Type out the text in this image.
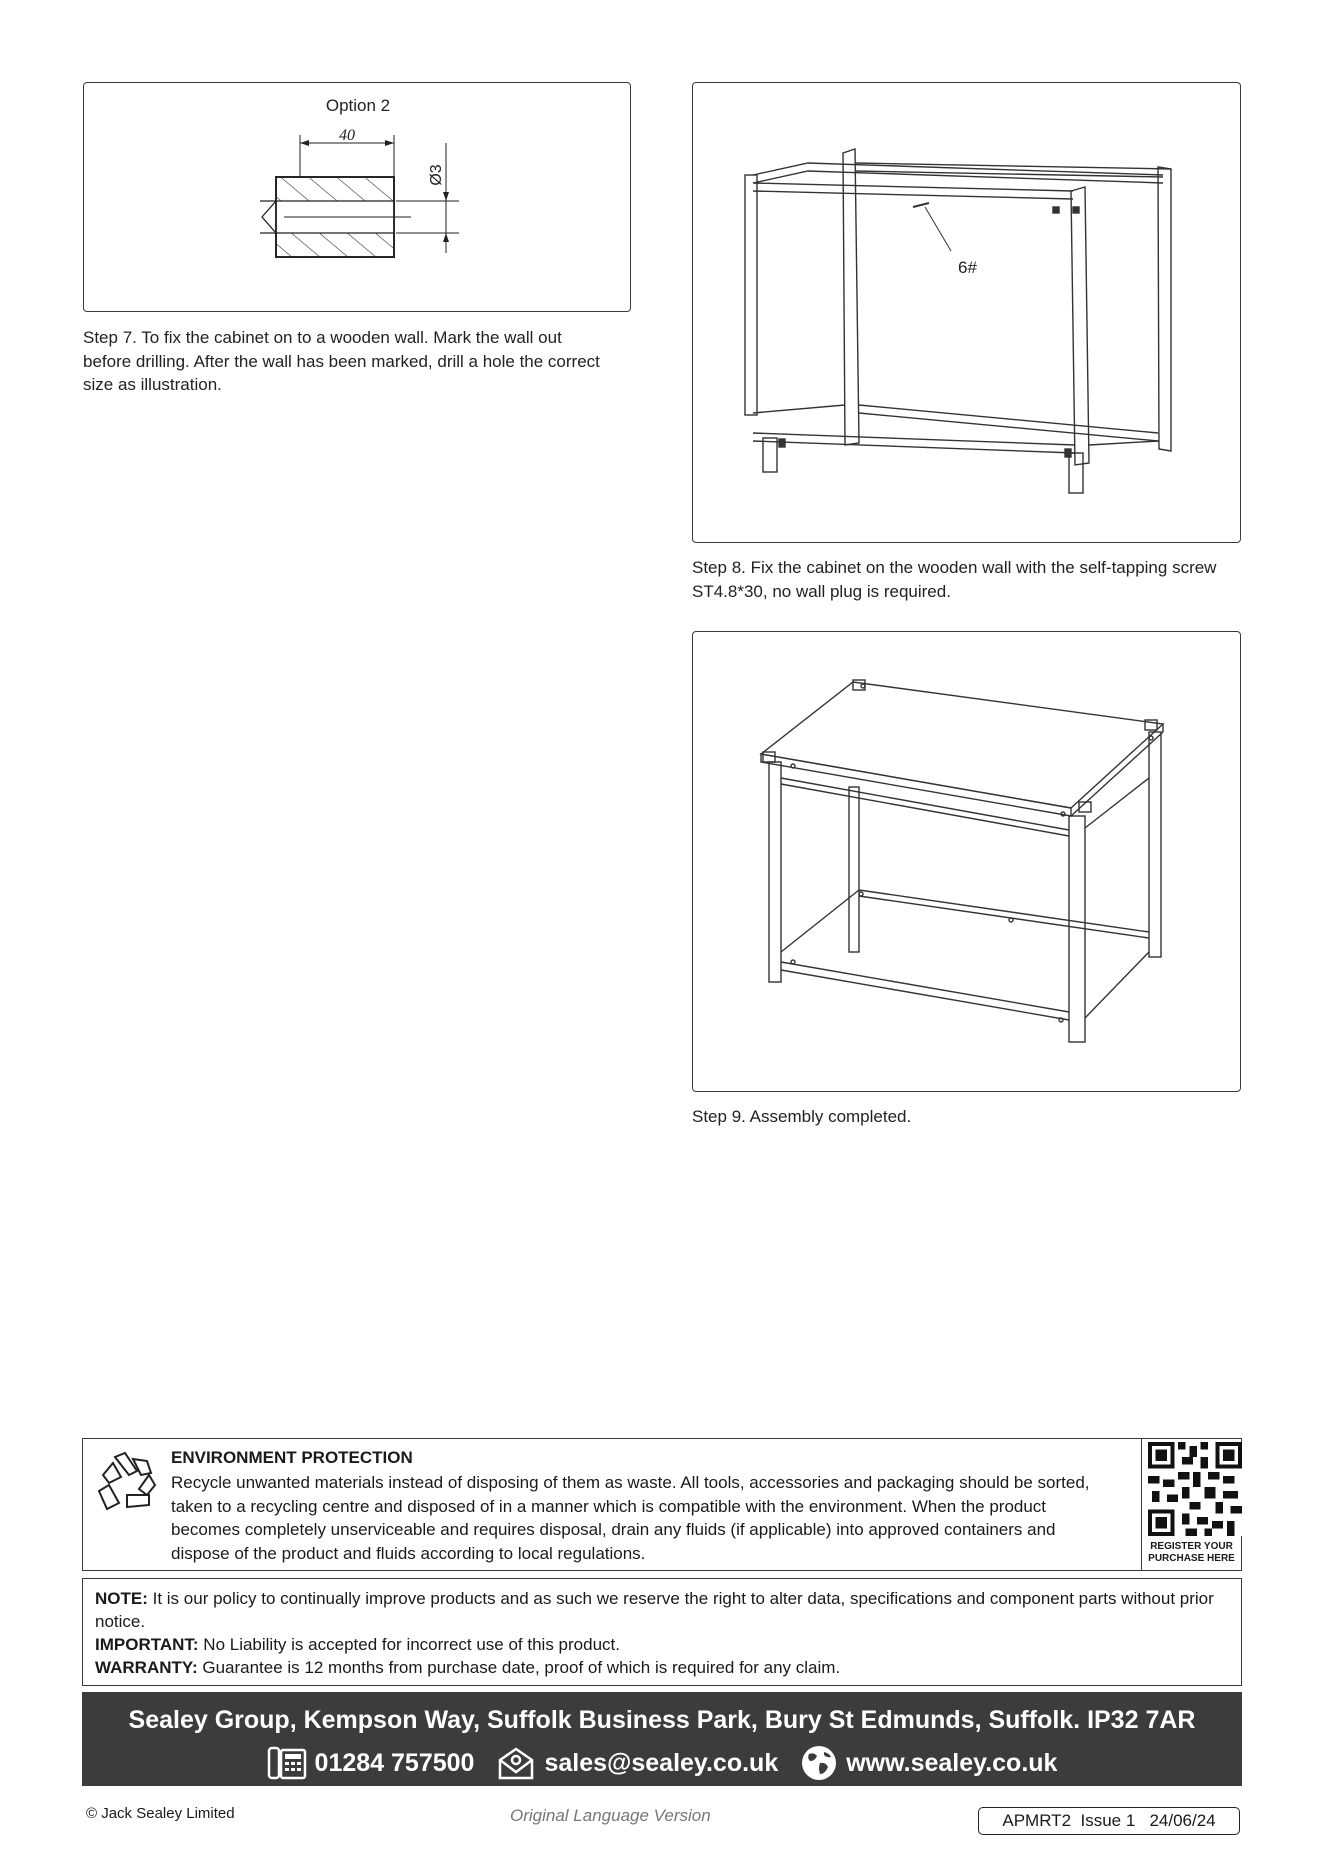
Option 2
40
Ø3
Step 7. To fix the cabinet on to a wooden wall. Mark the wall out before drilling. After the wall has been marked, drill a hole the correct size as illustration.
6#
Step 8. Fix the cabinet on the wooden wall with the self-tapping screw ST4.8*30, no wall plug is required.
Step 9. Assembly completed.
ENVIRONMENT PROTECTION
Recycle unwanted materials instead of disposing of them as waste. All tools, accessories and packaging should be sorted, taken to a recycling centre and disposed of in a manner which is compatible with the environment. When the product becomes completely unserviceable and requires disposal, drain any fluids (if applicable) into approved containers and dispose of the product and fluids according to local regulations.	REGISTER YOUR
PURCHASE HERE
NOTE: It is our policy to continually improve products and as such we reserve the right to alter data, specifications and component parts without prior notice.
IMPORTANT: No Liability is accepted for incorrect use of this product.
WARRANTY: Guarantee is 12 months from purchase date, proof of which is required for any claim.
Sealey Group, Kempson Way, Suffolk Business Park, Bury St Edmunds, Suffolk. IP32 7AR
01284 757500	sales@sealey.co.uk	www.sealey.co.uk
© Jack Sealey Limited	Original Language Version	APMRT2  Issue 1   24/06/24
